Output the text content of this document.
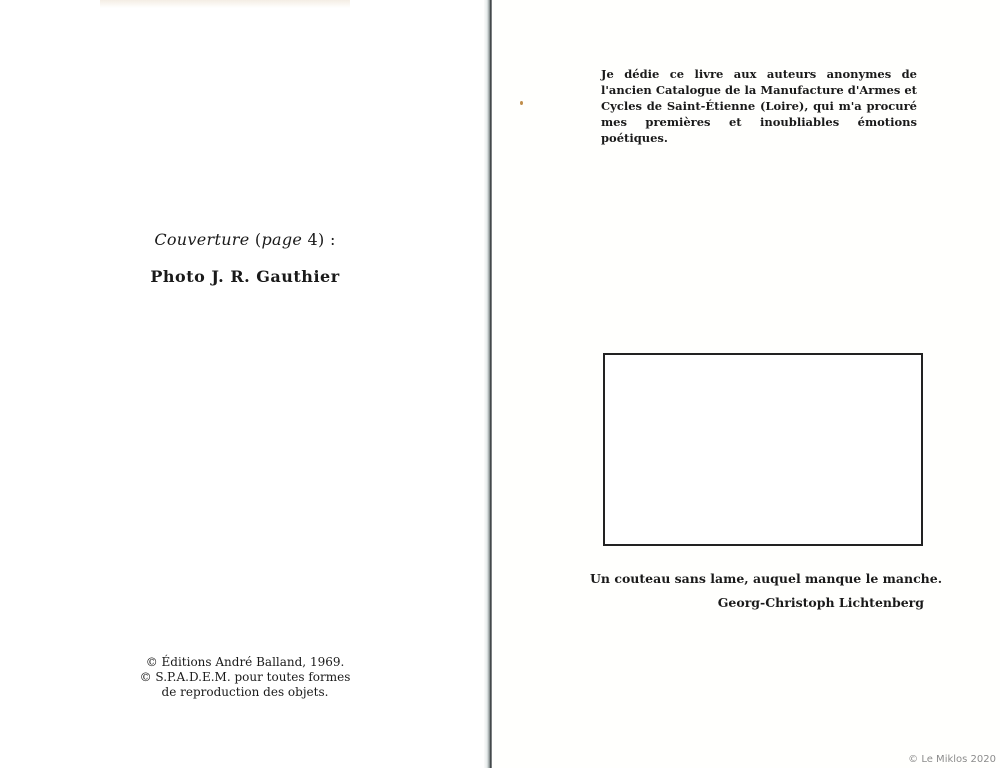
Couverture (page 4) :

Photo J. R. Gauthier

© Éditions André Balland, 1969.
© S.P.A.D.E.M. pour toutes formes
de reproduction des objets.
Je dédie ce livre aux auteurs anonymes de l'ancien Catalogue de la Manufacture d'Armes et Cycles de Saint-Étienne (Loire), qui m'a procuré mes premières et inoubliables émotions poétiques.
Un couteau sans lame, auquel manque le manche.
Georg-Christoph Lichtenberg
© Le Miklos 2020
